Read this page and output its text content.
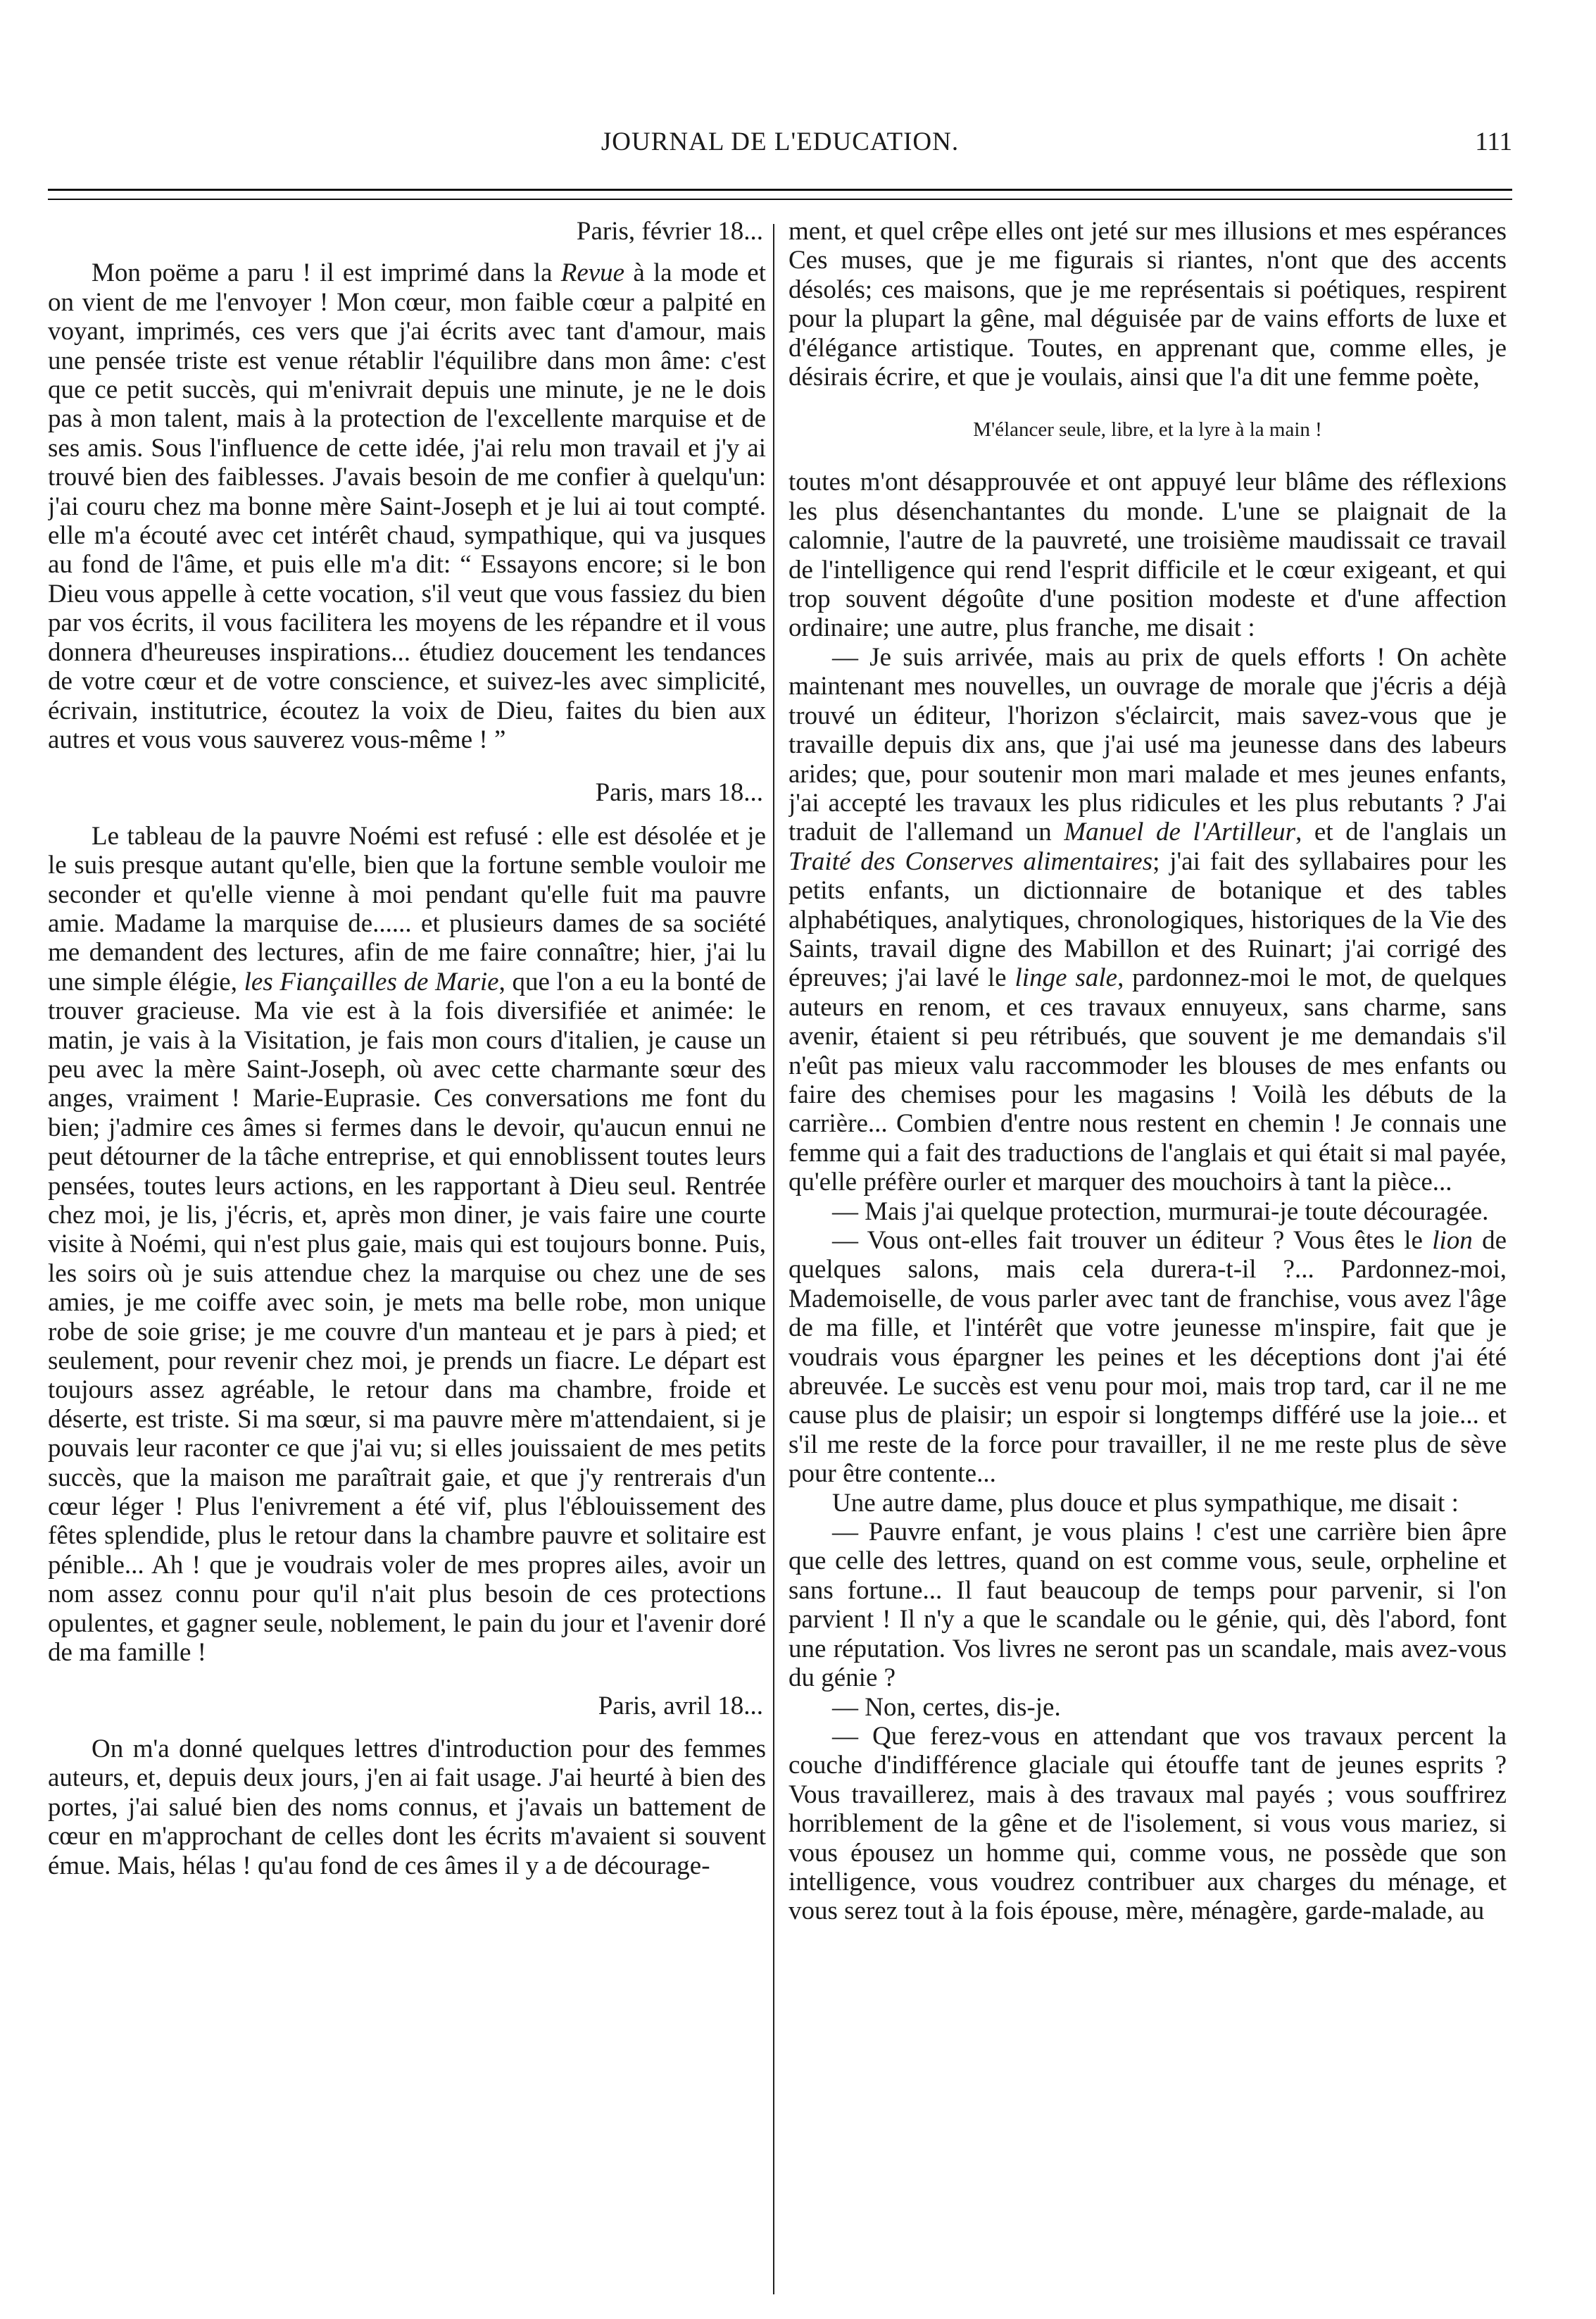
JOURNAL DE L'EDUCATION.	111
Paris, février 18...

Mon poëme a paru ! il est imprimé dans la Revue à la mode et on vient de me l'envoyer ! Mon cœur, mon faible cœur a palpité en voyant, imprimés, ces vers que j'ai écrits avec tant d'amour, mais une pensée triste est venue rétablir l'équilibre dans mon âme: c'est que ce petit succès, qui m'enivrait depuis une minute, je ne le dois pas à mon talent, mais à la protection de l'excellente marquise et de ses amis. Sous l'influence de cette idée, j'ai relu mon travail et j'y ai trouvé bien des faiblesses. J'avais besoin de me confier à quelqu'un: j'ai couru chez ma bonne mère Saint-Joseph et je lui ai tout compté. elle m'a écouté avec cet intérêt chaud, sympathique, qui va jusques au fond de l'âme, et puis elle m'a dit: “ Essayons encore; si le bon Dieu vous appelle à cette vocation, s'il veut que vous fassiez du bien par vos écrits, il vous facilitera les moyens de les répandre et il vous donnera d'heureuses inspirations... étudiez doucement les tendances de votre cœur et de votre conscience, et suivez-les avec simplicité, écrivain, institutrice, écoutez la voix de Dieu, faites du bien aux autres et vous vous sauverez vous-même ! ”

Paris, mars 18...

Le tableau de la pauvre Noémi est refusé : elle est désolée et je le suis presque autant qu'elle, bien que la fortune semble vouloir me seconder et qu'elle vienne à moi pendant qu'elle fuit ma pauvre amie. Madame la marquise de...... et plusieurs dames de sa société me demandent des lectures, afin de me faire connaître; hier, j'ai lu une simple élégie, les Fiançailles de Marie, que l'on a eu la bonté de trouver gracieuse. Ma vie est à la fois diversifiée et animée: le matin, je vais à la Visitation, je fais mon cours d'italien, je cause un peu avec la mère Saint-Joseph, où avec cette charmante sœur des anges, vraiment ! Marie-Euprasie. Ces conversations me font du bien; j'admire ces âmes si fermes dans le devoir, qu'aucun ennui ne peut détourner de la tâche entreprise, et qui ennoblissent toutes leurs pensées, toutes leurs actions, en les rapportant à Dieu seul. Rentrée chez moi, je lis, j'écris, et, après mon diner, je vais faire une courte visite à Noémi, qui n'est plus gaie, mais qui est toujours bonne. Puis, les soirs où je suis attendue chez la marquise ou chez une de ses amies, je me coiffe avec soin, je mets ma belle robe, mon unique robe de soie grise; je me couvre d'un manteau et je pars à pied; et seulement, pour revenir chez moi, je prends un fiacre. Le départ est toujours assez agréable, le retour dans ma chambre, froide et déserte, est triste. Si ma sœur, si ma pauvre mère m'attendaient, si je pouvais leur raconter ce que j'ai vu; si elles jouissaient de mes petits succès, que la maison me paraîtrait gaie, et que j'y rentrerais d'un cœur léger ! Plus l'enivrement a été vif, plus l'éblouissement des fêtes splendide, plus le retour dans la chambre pauvre et solitaire est pénible... Ah ! que je voudrais voler de mes propres ailes, avoir un nom assez connu pour qu'il n'ait plus besoin de ces protections opulentes, et gagner seule, noblement, le pain du jour et l'avenir doré de ma famille !

Paris, avril 18...

On m'a donné quelques lettres d'introduction pour des femmes auteurs, et, depuis deux jours, j'en ai fait usage. J'ai heurté à bien des portes, j'ai salué bien des noms connus, et j'avais un battement de cœur en m'approchant de celles dont les écrits m'avaient si souvent émue. Mais, hélas ! qu'au fond de ces âmes il y a de décourage-

ment, et quel crêpe elles ont jeté sur mes illusions et mes espérances Ces muses, que je me figurais si riantes, n'ont que des accents désolés; ces maisons, que je me représentais si poétiques, respirent pour la plupart la gêne, mal déguisée par de vains efforts de luxe et d'élégance artistique. Toutes, en apprenant que, comme elles, je désirais écrire, et que je voulais, ainsi que l'a dit une femme poète,

M'élancer seule, libre, et la lyre à la main !

toutes m'ont désapprouvée et ont appuyé leur blâme des réflexions les plus désenchantantes du monde. L'une se plaignait de la calomnie, l'autre de la pauvreté, une troisième maudissait ce travail de l'intelligence qui rend l'esprit difficile et le cœur exigeant, et qui trop souvent dégoûte d'une position modeste et d'une affection ordinaire; une autre, plus franche, me disait :

— Je suis arrivée, mais au prix de quels efforts ! On achète maintenant mes nouvelles, un ouvrage de morale que j'écris a déjà trouvé un éditeur, l'horizon s'éclaircit, mais savez-vous que je travaille depuis dix ans, que j'ai usé ma jeunesse dans des labeurs arides; que, pour soutenir mon mari malade et mes jeunes enfants, j'ai accepté les travaux les plus ridicules et les plus rebutants ? J'ai traduit de l'allemand un Manuel de l'Artilleur, et de l'anglais un Traité des Conserves alimentaires; j'ai fait des syllabaires pour les petits enfants, un dictionnaire de botanique et des tables alphabétiques, analytiques, chronologiques, historiques de la Vie des Saints, travail digne des Mabillon et des Ruinart; j'ai corrigé des épreuves; j'ai lavé le linge sale, pardonnez-moi le mot, de quelques auteurs en renom, et ces travaux ennuyeux, sans charme, sans avenir, étaient si peu rétribués, que souvent je me demandais s'il n'eût pas mieux valu raccommoder les blouses de mes enfants ou faire des chemises pour les magasins ! Voilà les débuts de la carrière... Combien d'entre nous restent en chemin ! Je connais une femme qui a fait des traductions de l'anglais et qui était si mal payée, qu'elle préfère ourler et marquer des mouchoirs à tant la pièce...

— Mais j'ai quelque protection, murmurai-je toute découragée.

— Vous ont-elles fait trouver un éditeur ? Vous êtes le lion de quelques salons, mais cela durera-t-il ?... Pardonnez-moi, Mademoiselle, de vous parler avec tant de franchise, vous avez l'âge de ma fille, et l'intérêt que votre jeunesse m'inspire, fait que je voudrais vous épargner les peines et les déceptions dont j'ai été abreuvée. Le succès est venu pour moi, mais trop tard, car il ne me cause plus de plaisir; un espoir si longtemps différé use la joie... et s'il me reste de la force pour travailler, il ne me reste plus de sève pour être contente...

Une autre dame, plus douce et plus sympathique, me disait :

— Pauvre enfant, je vous plains ! c'est une carrière bien âpre que celle des lettres, quand on est comme vous, seule, orpheline et sans fortune... Il faut beaucoup de temps pour parvenir, si l'on parvient ! Il n'y a que le scandale ou le génie, qui, dès l'abord, font une réputation. Vos livres ne seront pas un scandale, mais avez-vous du génie ?

— Non, certes, dis-je.

— Que ferez-vous en attendant que vos travaux percent la couche d'indifférence glaciale qui étouffe tant de jeunes esprits ? Vous travaillerez, mais à des travaux mal payés ; vous souffrirez horriblement de la gêne et de l'isolement, si vous vous mariez, si vous épousez un homme qui, comme vous, ne possède que son intelligence, vous voudrez contribuer aux charges du ménage, et vous serez tout à la fois épouse, mère, ménagère, garde-malade, au
